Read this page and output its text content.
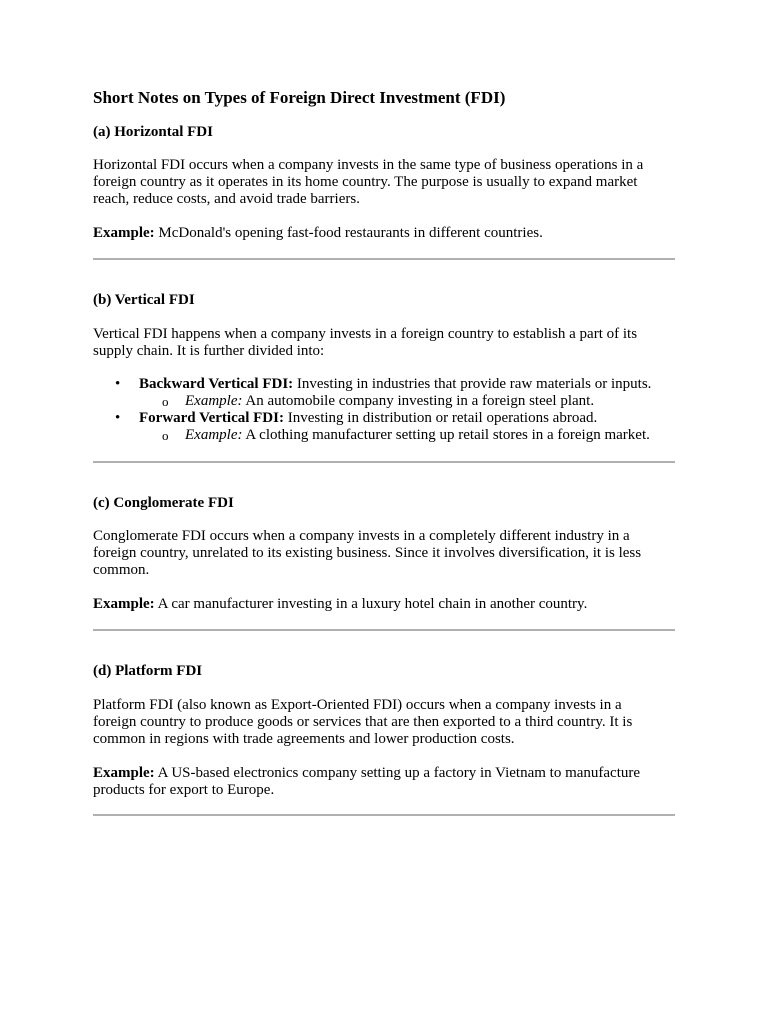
Short Notes on Types of Foreign Direct Investment (FDI)
(a) Horizontal FDI
Horizontal FDI occurs when a company invests in the same type of business operations in a
foreign country as it operates in its home country. The purpose is usually to expand market
reach, reduce costs, and avoid trade barriers.
Example: McDonald's opening fast-food restaurants in different countries.
(b) Vertical FDI
Vertical FDI happens when a company invests in a foreign country to establish a part of its
supply chain. It is further divided into:
• Backward Vertical FDI: Investing in industries that provide raw materials or inputs.
o Example: An automobile company investing in a foreign steel plant.
• Forward Vertical FDI: Investing in distribution or retail operations abroad.
o Example: A clothing manufacturer setting up retail stores in a foreign market.
(c) Conglomerate FDI
Conglomerate FDI occurs when a company invests in a completely different industry in a
foreign country, unrelated to its existing business. Since it involves diversification, it is less
common.
Example: A car manufacturer investing in a luxury hotel chain in another country.
(d) Platform FDI
Platform FDI (also known as Export-Oriented FDI) occurs when a company invests in a
foreign country to produce goods or services that are then exported to a third country. It is
common in regions with trade agreements and lower production costs.
Example: A US-based electronics company setting up a factory in Vietnam to manufacture
products for export to Europe.
